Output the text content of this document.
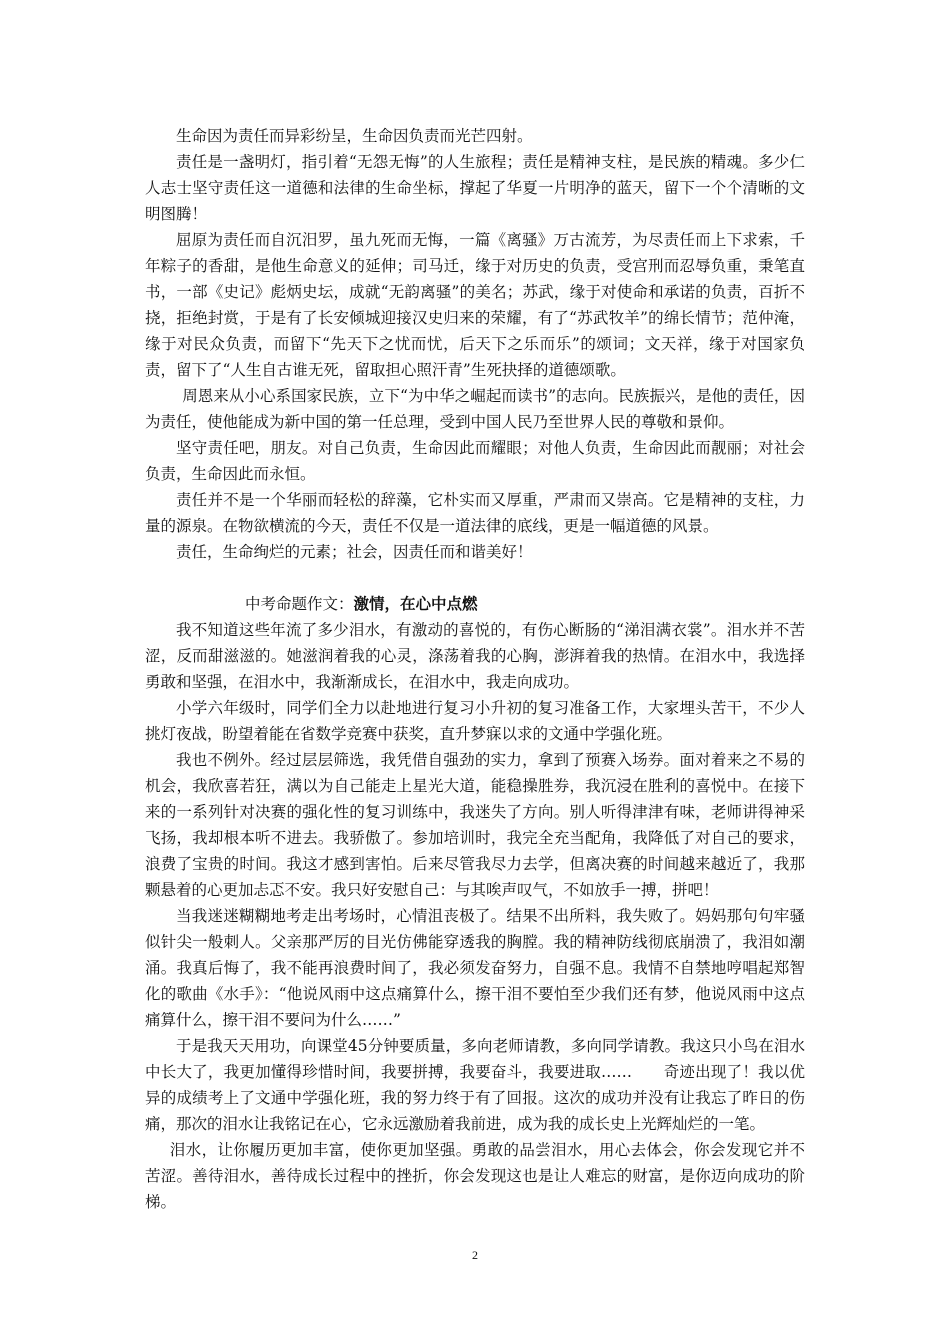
生命因为责任而异彩纷呈，生命因负责而光芒四射。

责任是一盏明灯，指引着“无怨无悔”的人生旅程；责任是精神支柱，是民族的精魂。多少仁人志士坚守责任这一道德和法律的生命坐标，撑起了华夏一片明净的蓝天，留下一个个清晰的文明图腾！

屈原为责任而自沉汨罗，虽九死而无悔，一篇《离骚》万古流芳，为尽责任而上下求索，千年粽子的香甜，是他生命意义的延伸；司马迁，缘于对历史的负责，受宫刑而忍辱负重，秉笔直书，一部《史记》彪炳史坛，成就“无韵离骚”的美名；苏武，缘于对使命和承诺的负责，百折不挠，拒绝封赏，于是有了长安倾城迎接汉史归来的荣耀，有了“苏武牧羊”的绵长情节；范仲淹，缘于对民众负责，而留下“先天下之忧而忧，后天下之乐而乐”的颂词；文天祥，缘于对国家负责，留下了“人生自古谁无死，留取担心照汗青”生死抉择的道德颂歌。

周恩来从小心系国家民族，立下“为中华之崛起而读书”的志向。民族振兴，是他的责任，因为责任，使他能成为新中国的第一任总理，受到中国人民乃至世界人民的尊敬和景仰。

坚守责任吧，朋友。对自己负责，生命因此而耀眼；对他人负责，生命因此而靓丽；对社会负责，生命因此而永恒。

责任并不是一个华丽而轻松的辞藻，它朴实而又厚重，严肃而又崇高。它是精神的支柱，力量的源泉。在物欲横流的今天，责任不仅是一道法律的底线，更是一幅道德的风景。

责任，生命绚烂的元素；社会，因责任而和谐美好！

中考命题作文：激情，在心中点燃

我不知道这些年流了多少泪水，有激动的喜悦的，有伤心断肠的“涕泪满衣裳”。泪水并不苦涩，反而甜滋滋的。她滋润着我的心灵，涤荡着我的心胸，澎湃着我的热情。在泪水中，我选择勇敢和坚强，在泪水中，我渐渐成长，在泪水中，我走向成功。

小学六年级时，同学们全力以赴地进行复习小升初的复习准备工作，大家埋头苦干，不少人挑灯夜战，盼望着能在省数学竞赛中获奖，直升梦寐以求的文通中学强化班。

我也不例外。经过层层筛选，我凭借自强劲的实力，拿到了预赛入场券。面对着来之不易的机会，我欣喜若狂，满以为自己能走上星光大道，能稳操胜券，我沉浸在胜利的喜悦中。在接下来的一系列针对决赛的强化性的复习训练中，我迷失了方向。别人听得津津有味，老师讲得神采飞扬，我却根本听不进去。我骄傲了。参加培训时，我完全充当配角，我降低了对自己的要求，浪费了宝贵的时间。我这才感到害怕。后来尽管我尽力去学，但离决赛的时间越来越近了，我那颗悬着的心更加忐忑不安。我只好安慰自己：与其唉声叹气，不如放手一搏，拼吧！

当我迷迷糊糊地考走出考场时，心情沮丧极了。结果不出所料，我失败了。妈妈那句句牢骚似针尖一般刺人。父亲那严厉的目光仿佛能穿透我的胸膛。我的精神防线彻底崩溃了，我泪如潮涌。我真后悔了，我不能再浪费时间了，我必须发奋努力，自强不息。我情不自禁地哼唱起郑智化的歌曲《水手》：“他说风雨中这点痛算什么，擦干泪不要怕至少我们还有梦，他说风雨中这点痛算什么，擦干泪不要问为什么……”

于是我天天用功，向课堂45分钟要质量，多向老师请教，多向同学请教。我这只小鸟在泪水中长大了，我更加懂得珍惜时间，我要拼搏，我要奋斗，我要进取……　　奇迹出现了！我以优异的成绩考上了文通中学强化班，我的努力终于有了回报。这次的成功并没有让我忘了昨日的伤痛，那次的泪水让我铭记在心，它永远激励着我前进，成为我的成长史上光辉灿烂的一笔。

泪水，让你履历更加丰富，使你更加坚强。勇敢的品尝泪水，用心去体会，你会发现它并不苦涩。善待泪水，善待成长过程中的挫折，你会发现这也是让人难忘的财富，是你迈向成功的阶梯。

2
